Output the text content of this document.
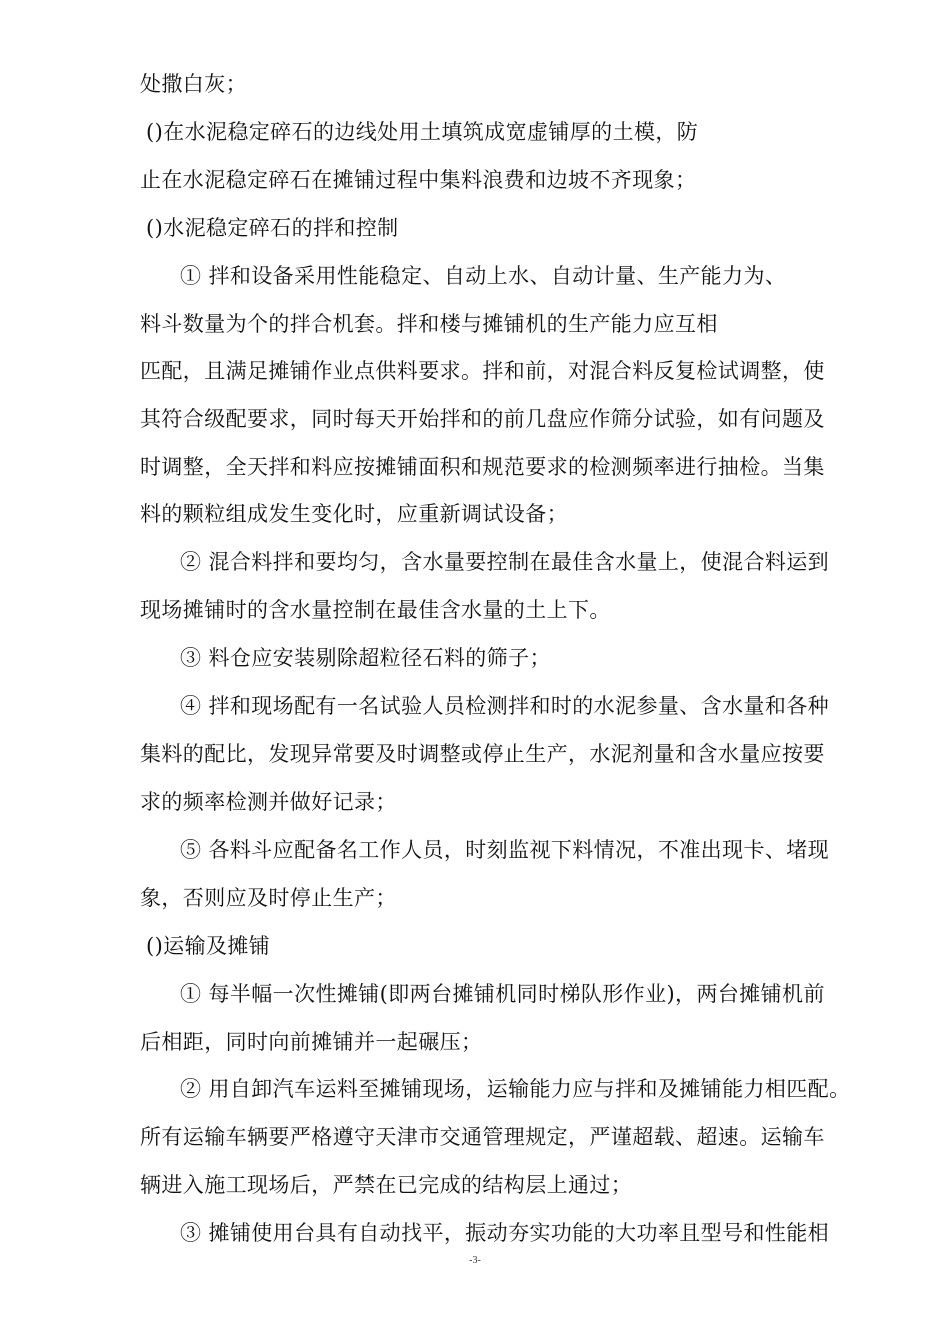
处撒白灰；
()在水泥稳定碎石的边线处用土填筑成宽虚铺厚的土模，防
止在水泥稳定碎石在摊铺过程中集料浪费和边坡不齐现象；
()水泥稳定碎石的拌和控制
① 拌和设备采用性能稳定、自动上水、自动计量、生产能力为、
料斗数量为个的拌合机套。拌和楼与摊铺机的生产能力应互相
匹配，且满足摊铺作业点供料要求。拌和前，对混合料反复检试调整，使
其符合级配要求，同时每天开始拌和的前几盘应作筛分试验，如有问题及
时调整，全天拌和料应按摊铺面积和规范要求的检测频率进行抽检。当集
料的颗粒组成发生变化时，应重新调试设备；
② 混合料拌和要均匀，含水量要控制在最佳含水量上，使混合料运到
现场摊铺时的含水量控制在最佳含水量的土上下。
③ 料仓应安装剔除超粒径石料的筛子；
④ 拌和现场配有一名试验人员检测拌和时的水泥参量、含水量和各种
集料的配比，发现异常要及时调整或停止生产，水泥剂量和含水量应按要
求的频率检测并做好记录；
⑤ 各料斗应配备名工作人员，时刻监视下料情况，不准出现卡、堵现
象，否则应及时停止生产；
()运输及摊铺
① 每半幅一次性摊铺(即两台摊铺机同时梯队形作业)，两台摊铺机前
后相距，同时向前摊铺并一起碾压；
② 用自卸汽车运料至摊铺现场，运输能力应与拌和及摊铺能力相匹配。
所有运输车辆要严格遵守天津市交通管理规定，严谨超载、超速。运输车
辆进入施工现场后，严禁在已完成的结构层上通过；
③ 摊铺使用台具有自动找平，振动夯实功能的大功率且型号和性能相
-3-
